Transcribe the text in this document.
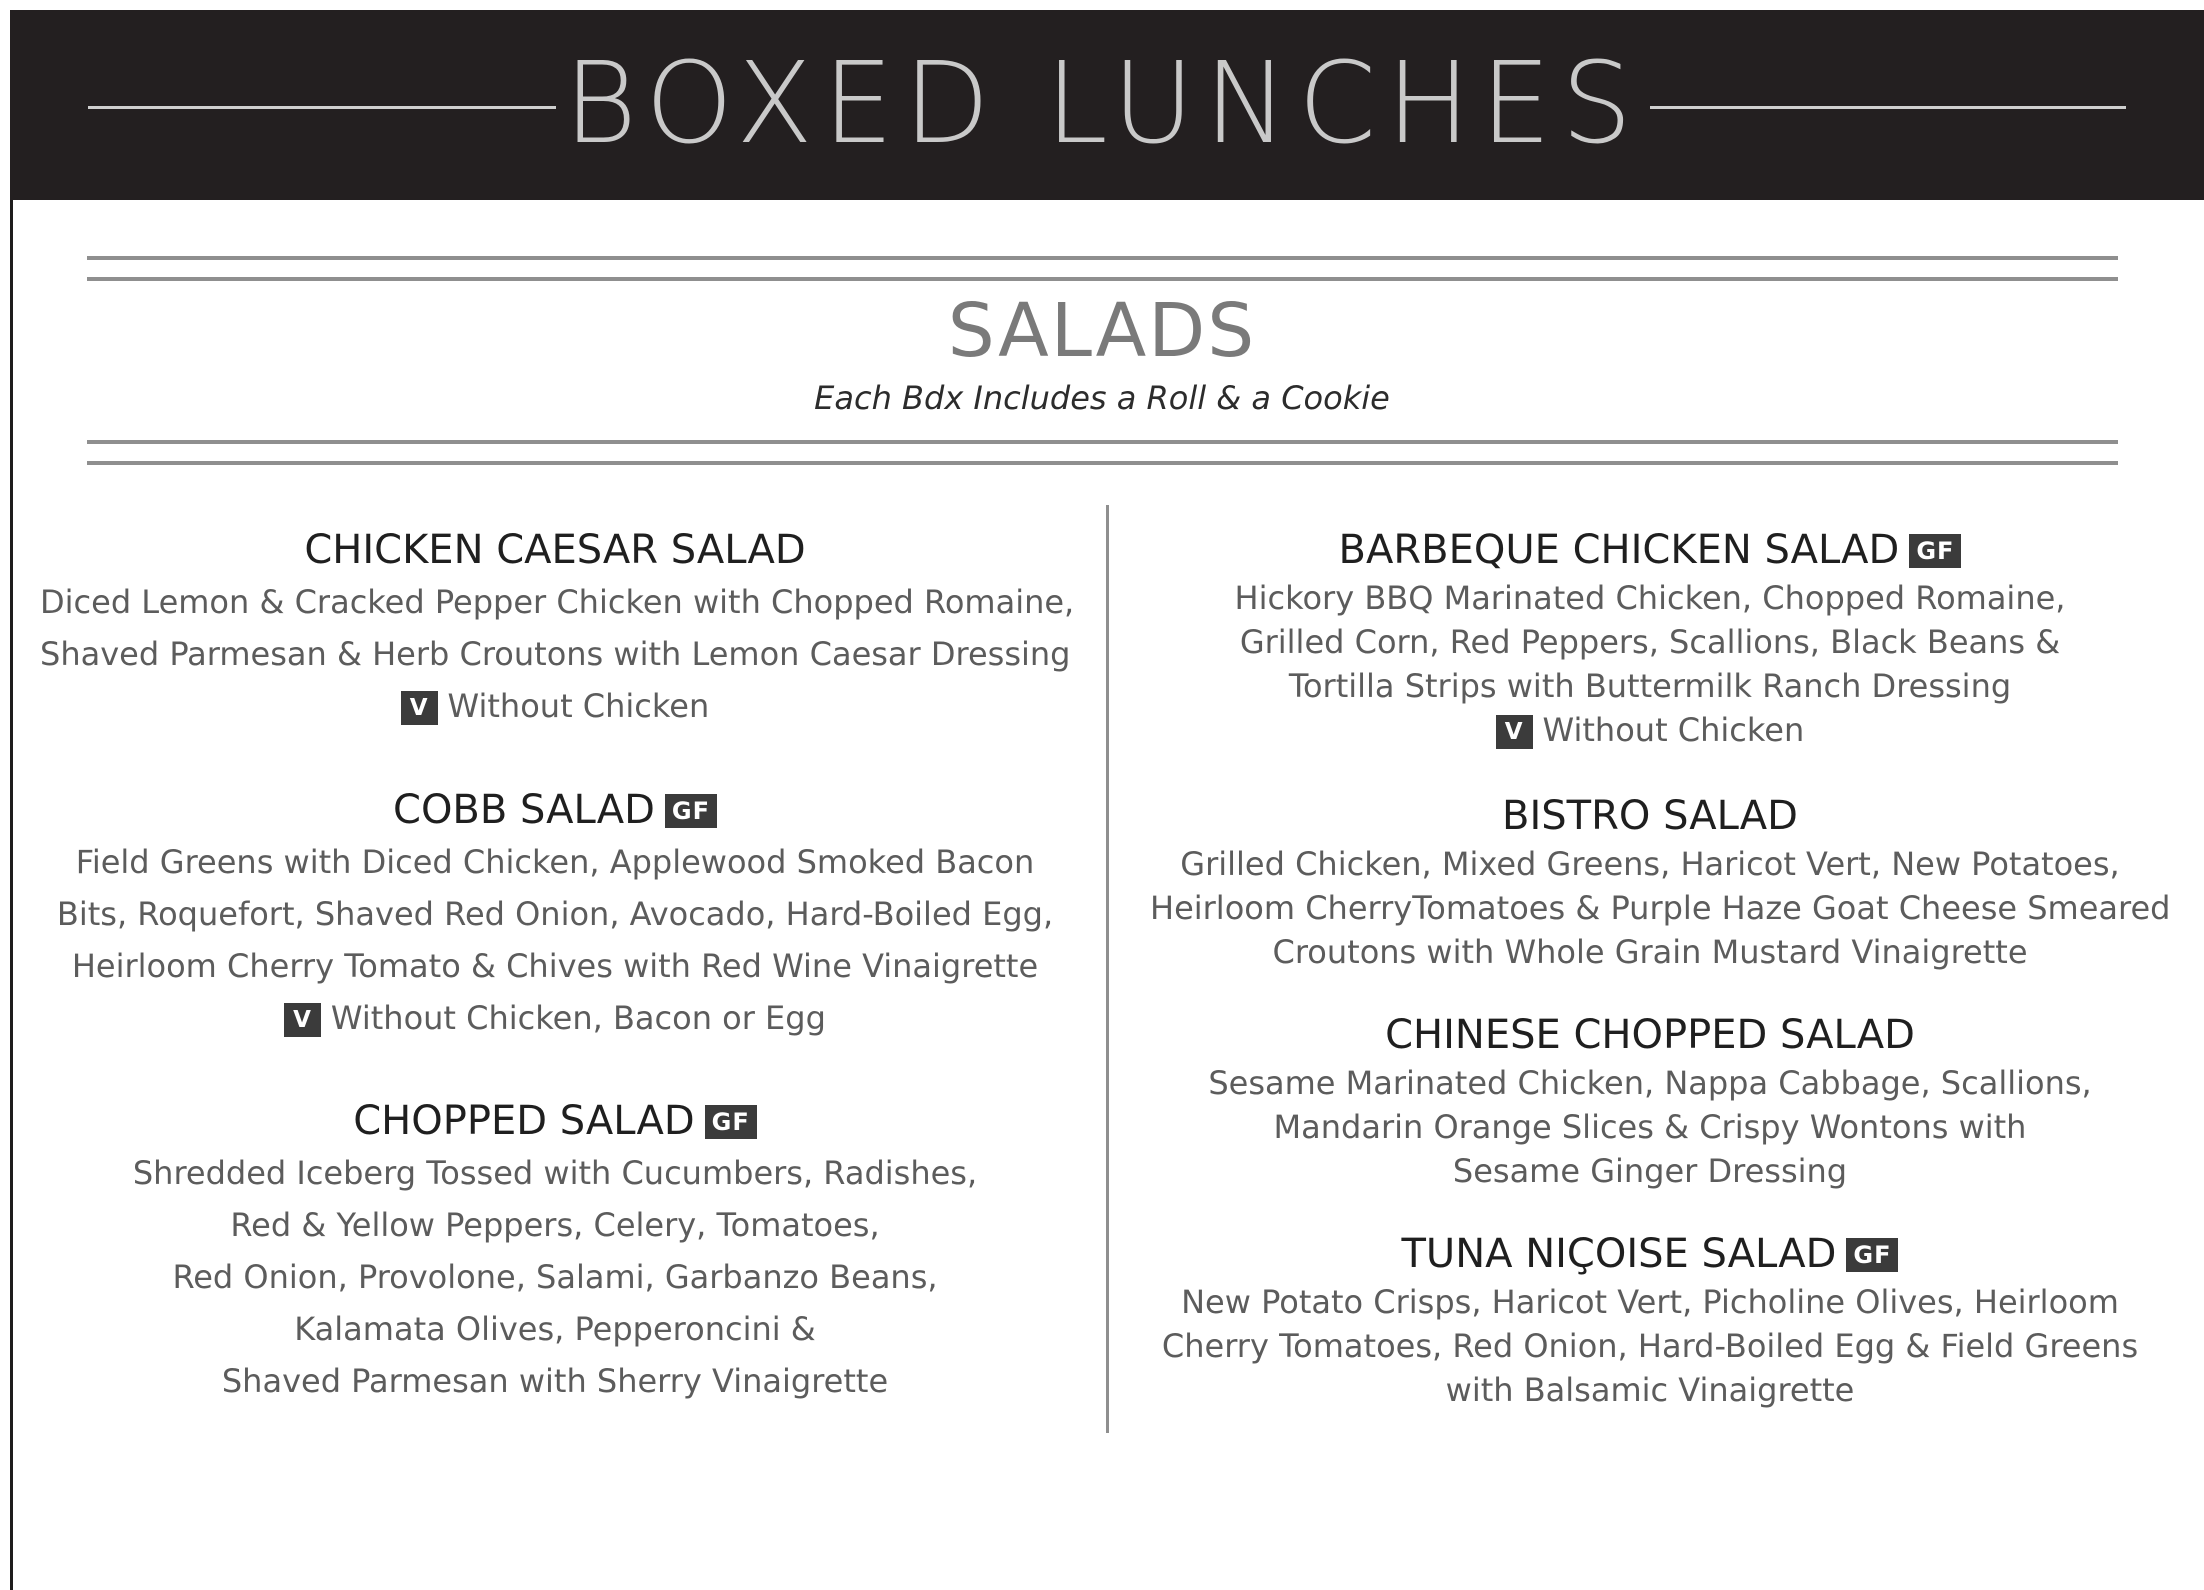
BOXED LUNCHES
SALADS
Each Bdx Includes a Roll & a Cookie
CHICKEN CAESAR SALAD
Diced Lemon & Cracked Pepper Chicken with Chopped Romaine,
Shaved Parmesan & Herb Croutons with Lemon Caesar Dressing
V Without Chicken
COBB SALAD GF
Field Greens with Diced Chicken, Applewood Smoked Bacon
Bits, Roquefort, Shaved Red Onion, Avocado, Hard-Boiled Egg,
Heirloom Cherry Tomato & Chives with Red Wine Vinaigrette
V Without Chicken, Bacon or Egg
CHOPPED SALAD GF
Shredded Iceberg Tossed with Cucumbers, Radishes,
Red & Yellow Peppers, Celery, Tomatoes,
Red Onion, Provolone, Salami, Garbanzo Beans,
Kalamata Olives, Pepperoncini &
Shaved Parmesan with Sherry Vinaigrette
BARBEQUE CHICKEN SALAD GF
Hickory BBQ Marinated Chicken, Chopped Romaine,
Grilled Corn, Red Peppers, Scallions, Black Beans &
Tortilla Strips with Buttermilk Ranch Dressing
V Without Chicken
BISTRO SALAD
Grilled Chicken, Mixed Greens, Haricot Vert, New Potatoes,
Heirloom CherryTomatoes & Purple Haze Goat Cheese Smeared
Croutons with Whole Grain Mustard Vinaigrette
CHINESE CHOPPED SALAD
Sesame Marinated Chicken, Nappa Cabbage, Scallions,
Mandarin Orange Slices & Crispy Wontons with
Sesame Ginger Dressing
TUNA NIÇOISE SALAD GF
New Potato Crisps, Haricot Vert, Picholine Olives, Heirloom
Cherry Tomatoes, Red Onion, Hard-Boiled Egg & Field Greens
with Balsamic Vinaigrette
